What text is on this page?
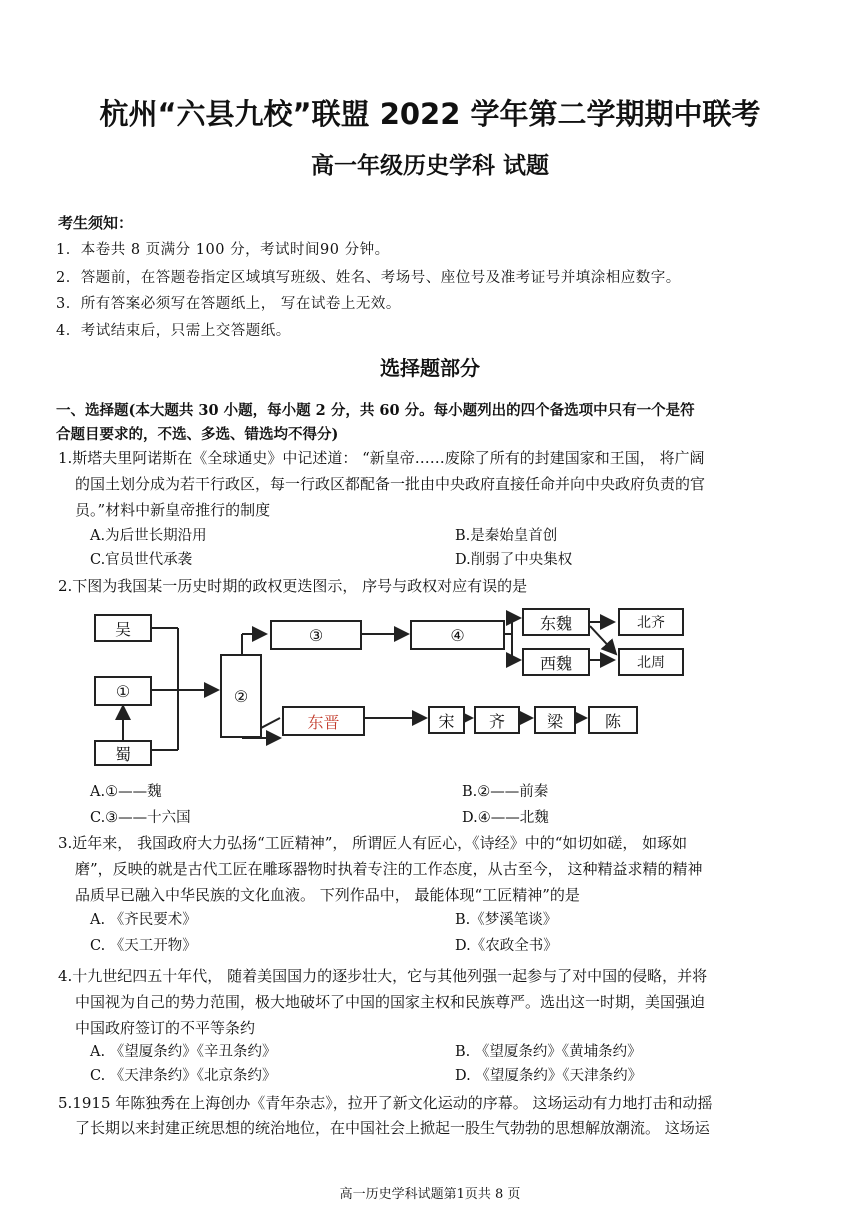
杭州“六县九校”联盟 2022 学年第二学期期中联考
高一年级历史学科 试题
考生须知：
1．本卷共 8 页满分 100 分，考试时间90 分钟。
2．答题前，在答题卷指定区域填写班级、姓名、考场号、座位号及准考证号并填涂相应数字。
3．所有答案必须写在答题纸上， 写在试卷上无效。
4．考试结束后，只需上交答题纸。
选择题部分
一、选择题(本大题共 30 小题，每小题 2 分，共 60 分。每小题列出的四个备选项中只有一个是符
合题目要求的，不选、多选、错选均不得分)
1.斯塔夫里阿诺斯在《全球通史》中记述道： “新皇帝……废除了所有的封建国家和王国， 将广阔
的国土划分成为若干行政区，每一行政区都配备一批由中央政府直接任命并向中央政府负责的官
员。”材料中新皇帝推行的制度
A.为后世长期沿用	B.是秦始皇首创
C.官员世代承袭	D.削弱了中央集权
2.下图为我国某一历史时期的政权更迭图示， 序号与政权对应有误的是
吴
①
蜀
②
③	④
东魏
西魏
北齐
北周
东晋	宋 齐	梁	陈
A.①——魏	B.②——前秦
C.③——十六国	D.④——北魏
3.近年来， 我国政府大力弘扬“工匠精神”， 所谓匠人有匠心，《诗经》中的“如切如磋， 如琢如
磨”，反映的就是古代工匠在雕琢器物时执着专注的工作态度，从古至今， 这种精益求精的精神
品质早已融入中华民族的文化血液。 下列作品中， 最能体现“工匠精神”的是
A. 《齐民要术》	B.《梦溪笔谈》
C. 《天工开物》	D.《农政全书》
4.十九世纪四五十年代， 随着美国国力的逐步壮大，它与其他列强一起参与了对中国的侵略，并将
中国视为自己的势力范围，极大地破坏了中国的国家主权和民族尊严。选出这一时期，美国强迫
中国政府签订的不平等条约
A. 《望厦条约》《辛丑条约》	B. 《望厦条约》《黄埔条约》
C. 《天津条约》《北京条约》	D. 《望厦条约》《天津条约》
5.1915 年陈独秀在上海创办《青年杂志》，拉开了新文化运动的序幕。 这场运动有力地打击和动摇
了长期以来封建正统思想的统治地位，在中国社会上掀起一股生气勃勃的思想解放潮流。 这场运
高一历史学科试题第1页共 8 页
